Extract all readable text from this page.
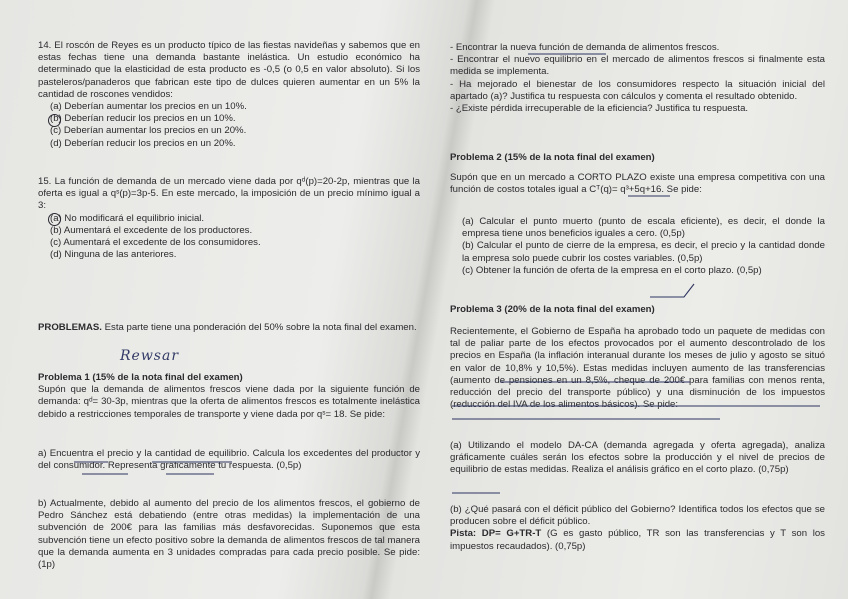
14. El roscón de Reyes es un producto típico de las fiestas navideñas y sabemos que en estas fechas tiene una demanda bastante inelástica. Un estudio económico ha determinado que la elasticidad de esta producto es -0,5 (o 0,5 en valor absoluto). Si los pasteleros/panaderos que fabrican este tipo de dulces quieren aumentar en un 5% la cantidad de roscones vendidos:

(a) Deberían aumentar los precios en un 10%.

(b) Deberían reducir los precios en un 10%.

(c) Deberían aumentar los precios en un 20%.

(d) Deberían reducir los precios en un 20%.

15. La función de demanda de un mercado viene dada por qᵈ(p)=20-2p, mientras que la oferta es igual a qˢ(p)=3p-5. En este mercado, la imposición de un precio mínimo igual a 3:

(a) No modificará el equilibrio inicial.

(b) Aumentará el excedente de los productores.

(c) Aumentará el excedente de los consumidores.

(d) Ninguna de las anteriores.

PROBLEMAS. Esta parte tiene una ponderación del 50% sobre la nota final del examen.

Rewsar

Problema 1 (15% de la nota final del examen)

Supón que la demanda de alimentos frescos viene dada por la siguiente función de demanda: qᵈ= 30-3p, mientras que la oferta de alimentos frescos es totalmente inelástica debido a restricciones temporales de transporte y viene dada por qˢ= 18. Se pide:

a) Encuentra el precio y la cantidad de equilibrio. Calcula los excedentes del productor y del consumidor. Representa gráficamente tu respuesta. (0,5p)

b) Actualmente, debido al aumento del precio de los alimentos frescos, el gobierno de Pedro Sánchez está debatiendo (entre otras medidas) la implementación de una subvención de 200€ para las familias más desfavorecidas. Suponemos que esta subvención tiene un efecto positivo sobre la demanda de alimentos frescos de tal manera que la demanda aumenta en 3 unidades compradas para cada precio posible. Se pide: (1p)

- Encontrar la nueva función de demanda de alimentos frescos.

- Encontrar el nuevo equilibrio en el mercado de alimentos frescos si finalmente esta medida se implementa.

- Ha mejorado el bienestar de los consumidores respecto la situación inicial del apartado (a)? Justifica tu respuesta con cálculos y comenta el resultado obtenido.

- ¿Existe pérdida irrecuperable de la eficiencia? Justifica tu respuesta.

Problema 2 (15% de la nota final del examen)

Supón que en un mercado a CORTO PLAZO existe una empresa competitiva con una función de costos totales igual a Cᵀ(q)= q³+5q+16. Se pide:

(a) Calcular el punto muerto (punto de escala eficiente), es decir, el donde la empresa tiene unos beneficios iguales a cero. (0,5p)

(b) Calcular el punto de cierre de la empresa, es decir, el precio y la cantidad donde la empresa solo puede cubrir los costes variables. (0,5p)

(c) Obtener la función de oferta de la empresa en el corto plazo. (0,5p)

Problema 3 (20% de la nota final del examen)

Recientemente, el Gobierno de España ha aprobado todo un paquete de medidas con tal de paliar parte de los efectos provocados por el aumento descontrolado de los precios en España (la inflación interanual durante los meses de julio y agosto se situó en valor de 10,8% y 10,5%). Estas medidas incluyen aumento de las transferencias (aumento de pensiones en un 8,5%, cheque de 200€ para familias con menos renta, reducción del precio del transporte público) y una disminución de los impuestos (reducción del IVA de los alimentos básicos). Se pide:

(a) Utilizando el modelo DA-CA (demanda agregada y oferta agregada), analiza gráficamente cuáles serán los efectos sobre la producción y el nivel de precios de equilibrio de estas medidas. Realiza el análisis gráfico en el corto plazo. (0,75p)

(b) ¿Qué pasará con el déficit público del Gobierno? Identifica todos los efectos que se producen sobre el déficit público.

Pista: DP= G+TR-T (G es gasto público, TR son las transferencias y T son los impuestos recaudados). (0,75p)
